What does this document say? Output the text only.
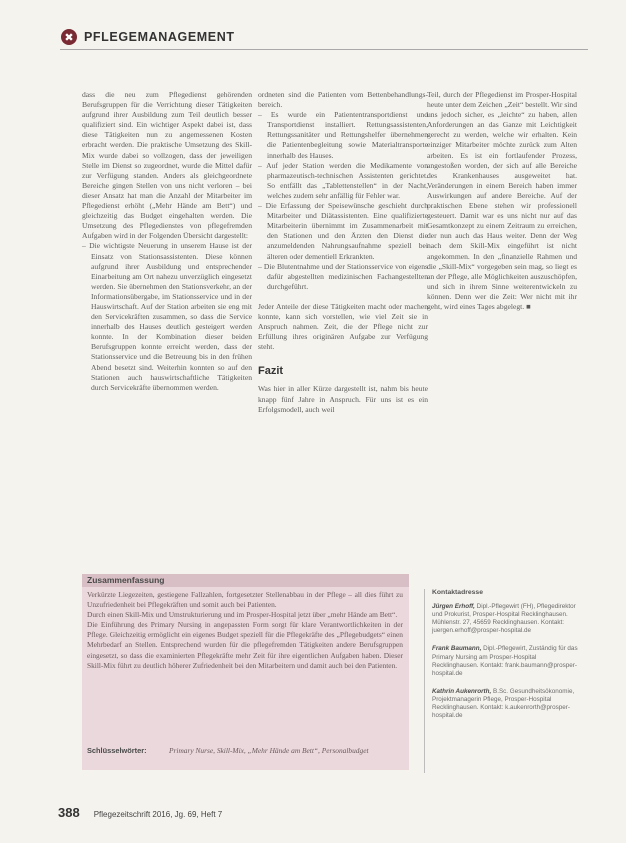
✖ PFLEGEMANAGEMENT

dass die neu zum Pflegedienst gehörenden Berufsgruppen für die Verrichtung dieser Tätigkeiten aufgrund ihrer Ausbildung zum Teil deutlich besser qualifiziert sind. Ein wichtiger Aspekt dabei ist, dass diese Tätigkeiten nun zu angemessenen Kosten erbracht werden. Die praktische Umsetzung des Skill-Mix wurde dabei so vollzogen, dass der jeweiligen Stelle im Dienst so zugeordnet, wurde die Mittel dafür zur Verfügung standen. Anders als gleichgeordnete Bereiche gingen Stellen von uns nicht verloren – bei dieser Ansatz hat man die Anzahl der Mitarbeiter im Pflegedienst erhöht („Mehr Hände am Bett“) und gleichzeitig das Budget eingehalten werden. Die Umsetzung des Pflegedienstes von pflegefremden Aufgaben wird in der Folgenden Übersicht dargestellt:

– Die wichtigste Neuerung in unserem Hause ist der Einsatz von Stationsassistenten. Diese können aufgrund ihrer Ausbildung und entsprechender Einarbeitung am Ort nahezu unverzüglich eingesetzt werden. Sie übernehmen den Stationsverkehr, an der Informationsübergabe, im Stationsservice und in der Hauswirtschaft. Auf der Station arbeiten sie eng mit den Servicekräften zusammen, so dass die Service innerhalb des Hauses deutlich gesteigert werden konnte. In der Kombination dieser beiden Berufsgruppen konnte erreicht werden, dass der Stationsservice und die Betreuung bis in den frühen Abend besetzt sind. Weiterhin konnten so auf den Stationen auch hauswirtschaftliche Tätigkeiten durch Servicekräfte übernommen werden.

ordneten sind die Patienten vom Bettenbehandlungs-bereich.

– Es wurde ein Patiententransportdienst und Transportdienst installiert. Rettungsassistenten, Rettungssanitäter und Rettungshelfer übernehmen die Patientenbegleitung sowie Materialtransporte innerhalb des Hauses.
– Auf jeder Station werden die Medikamente von pharmazeutisch-technischen Assistenten gerichtet. So entfällt das „Tablettenstellen“ in der Nacht, welches zudem sehr anfällig für Fehler war.
– Die Erfassung der Speisewünsche geschieht durch Mitarbeiter und Diätassistenten. Eine qualifizierte Mitarbeiterin übernimmt im Zusammenarbeit mit den Stationen und den Ärzten den Dienst die anzumeldenden Nahrungsaufnahme speziell bei älteren oder dementiell Erkrankten.
– Die Blutentnahme und der Stationsservice von eigens dafür abgestellten medizinischen Fachangestellten durchgeführt.

Jeder Anteile der diese Tätigkeiten macht oder machen konnte, kann sich vorstellen, wie viel Zeit sie in Anspruch nahmen. Zeit, die der Pflege nicht zur Erfüllung ihres originären Aufgabe zur Verfügung steht.

Fazit

Was hier in aller Kürze dargestellt ist, nahm bis heute knapp fünf Jahre in Anspruch. Für uns ist es ein Erfolgsmodell, auch weil

Teil, durch der Pflegedienst im Prosper-Hospital heute unter dem Zeichen „Zeit“ bestellt. Wir sind uns jedoch sicher, es „leichte“ zu haben, allen Anforderungen an das Ganze mit Leichtigkeit gerecht zu werden, welche wir erhalten. Kein einziger Mitarbeiter möchte zurück zum Alten arbeiten. Es ist ein fortlaufender Prozess, angestoßen worden, der sich auf alle Bereiche des Krankenhauses ausgeweitet hat. Veränderungen in einem Bereich haben immer Auswirkungen auf andere Bereiche. Auf der praktischen Ebene stehen wir professionell gesteuert. Damit war es uns nicht nur auf das Gesamtkonzept zu einem Zeitraum zu erreichen, der nun auch das Haus weiter. Denn der Weg nach dem Skill-Mix eingeführt ist nicht angekommen. In den „finanzielle Rahmen und die „Skill-Mix“ vorgegeben sein mag, so liegt es an der Pflege, alle Möglichkeiten auszuschöpfen, und sich in ihrem Sinne weiterentwickeln zu können. Denn wer die Zeit: Wer nicht mit ihr geht, wird eines Tages abgelegt. ■

Zusammenfassung

Verkürzte Liegezeiten, gestiegene Fallzahlen, fortgesetzter Stellenabbau in der Pflege – all dies führt zu Unzufriedenheit bei Pflegekräften und somit auch bei Patienten.

Durch einen Skill-Mix und Umstrukturierung und im Prosper-Hospital jetzt über „mehr Hände am Bett“.

Die Einführung des Primary Nursing in angepassten Form sorgt für klare Verantwortlichkeiten in der Pflege. Gleichzeitig ermöglicht ein eigenes Budget speziell für die Pflegekräfte des „Pflegebudgets“ einen Mehrbedarf an Stellen. Entsprechend wurden für die pflegefremden Tätigkeiten andere Berufsgruppen eingesetzt, so dass die examinierten Pflegekräfte mehr Zeit für ihre eigentlichen Aufgaben haben. Dieser Skill-Mix führt zu deutlich höherer Zufriedenheit bei den Mitarbeitern und damit auch bei den Patienten.

Schlüsselwörter:	Primary Nurse, Skill-Mix, „Mehr Hände am Bett“, Personalbudget
Kontaktadresse
Jürgen Erhoff, Dipl.-Pflegewirt (FH), Pflegedirektor und Prokurist, Prosper-Hospital Recklinghausen. Mühlenstr. 27, 45659 Recklinghausen. Kontakt: juergen.erhoff@prosper-hospital.de
Frank Baumann, Dipl.-Pflegewirt, Zuständig für das Primary Nursing am Prosper-Hospital Recklinghausen. Kontakt: frank.baumann@prosper-hospital.de
Kathrin Aukenrorth, B.Sc. Gesundheitsökonomie, Projektmanagerin Pflege, Prosper-Hospital Recklinghausen. Kontakt: k.aukenrorth@prosper-hospital.de
388 Pflegezeitschrift 2016, Jg. 69, Heft 7
